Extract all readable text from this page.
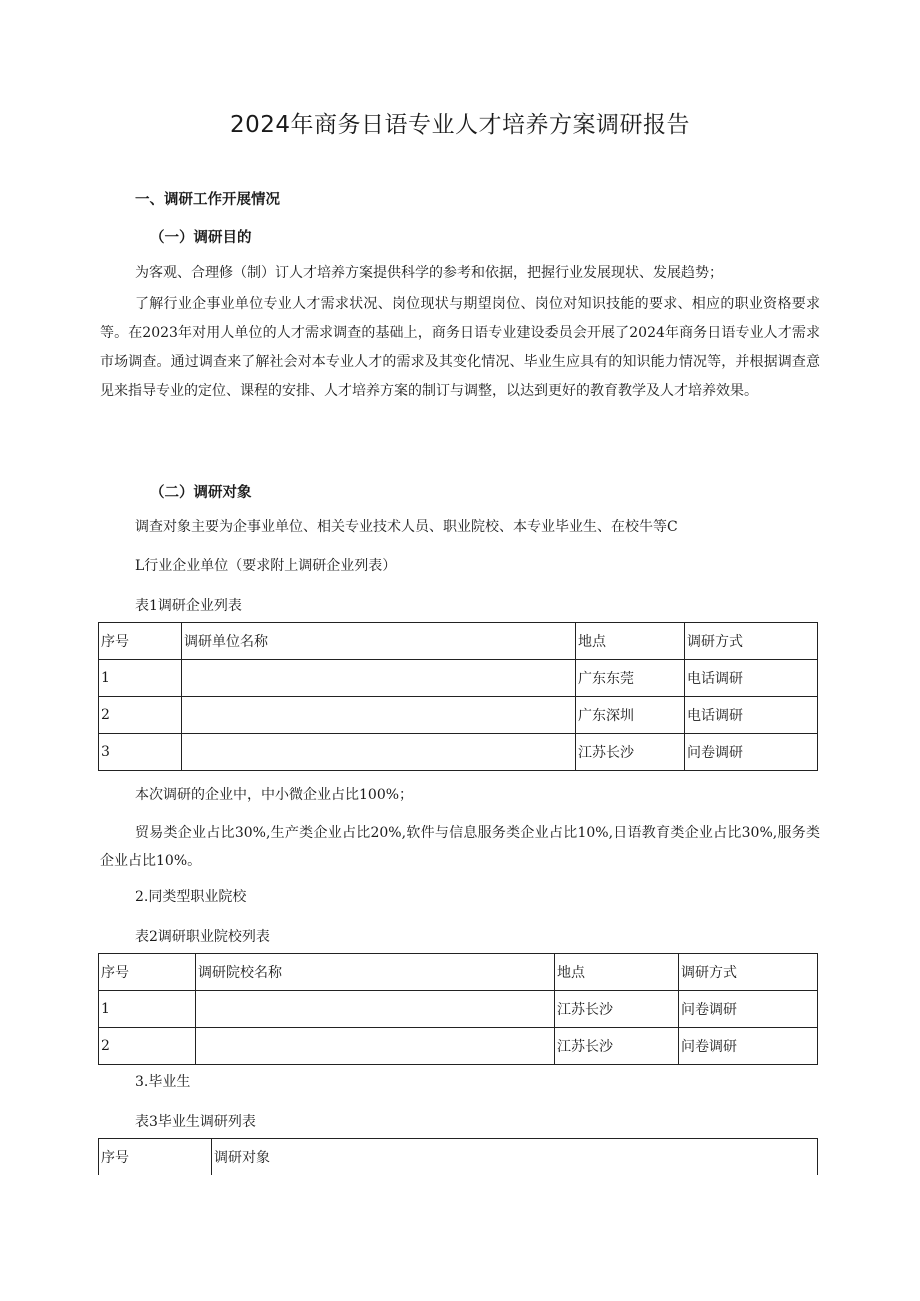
2024年商务日语专业人才培养方案调研报告
一、调研工作开展情况
（一）调研目的
为客观、合理修（制）订人才培养方案提供科学的参考和依据，把握行业发展现状、发展趋势；
了解行业企事业单位专业人才需求状况、岗位现状与期望岗位、岗位对知识技能的要求、相应的职业资格要求等。在2023年对用人单位的人才需求调查的基础上，商务日语专业建设委员会开展了2024年商务日语专业人才需求市场调查。通过调查来了解社会对本专业人才的需求及其变化情况、毕业生应具有的知识能力情况等，并根据调查意见来指导专业的定位、课程的安排、人才培养方案的制订与调整，以达到更好的教育教学及人才培养效果。
（二）调研对象
调查对象主要为企事业单位、相关专业技术人员、职业院校、本专业毕业生、在校牛等C
L行业企业单位（要求附上调研企业列表）
表1调研企业列表
序号	调研单位名称	地点	调研方式
1		广东东莞	电话调研
2		广东深圳	电话调研
3		江苏长沙	问卷调研
本次调研的企业中，中小微企业占比100%；
贸易类企业占比30%,生产类企业占比20%,软件与信息服务类企业占比10%,日语教育类企业占比30%,服务类企业占比10%。
2.同类型职业院校
表2调研职业院校列表
序号	调研院校名称	地点	调研方式
1		江苏长沙	问卷调研
2		江苏长沙	问卷调研
3.毕业生
表3毕业生调研列表
序号	调研对象
